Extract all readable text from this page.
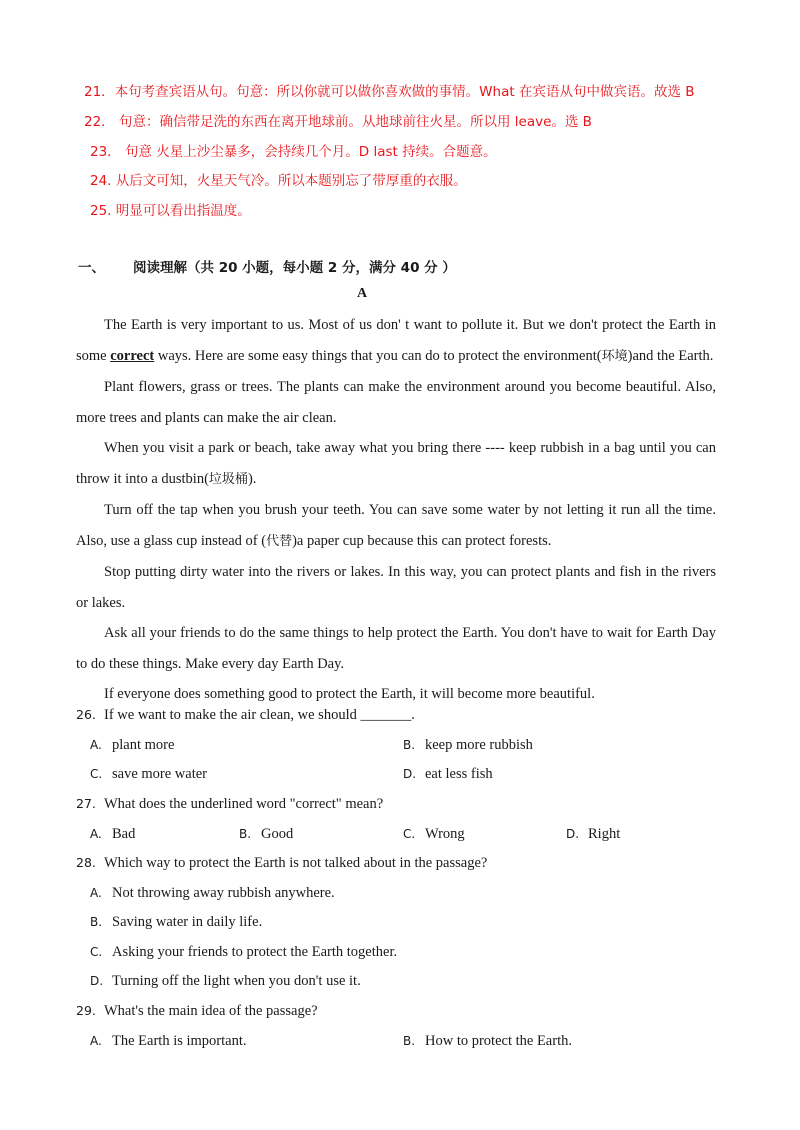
21．本句考查宾语从句。句意：所以你就可以做你喜欢做的事情。What 在宾语从句中做宾语。故选 B
22． 句意：确信带足洗的东西在离开地球前。从地球前往火星。所以用 leave。选 B
23． 句意 火星上沙尘暴多，会持续几个月。D last 持续。合题意。
24. 从后文可知，火星天气冷。所以本题别忘了带厚重的衣服。
25. 明显可以看出指温度。
一、 阅读理解（共 20 小题，每小题 2 分，满分 40 分 ）
A

The Earth is very important to us. Most of us don' t want to pollute it. But we don't protect the Earth in some correct ways. Here are some easy things that you can do to protect the environment(环境)and the Earth.

Plant flowers, grass or trees. The plants can make the environment around you become beautiful. Also, more trees and plants can make the air clean.

When you visit a park or beach, take away what you bring there ---- keep rubbish in a bag until you can throw it into a dustbin(垃圾桶).

Turn off the tap when you brush your teeth. You can save some water by not letting it run all the time. Also, use a glass cup instead of (代替)a paper cup because this can protect forests.

Stop putting dirty water into the rivers or lakes. In this way, you can protect plants and fish in the rivers or lakes.

Ask all your friends to do the same things to help protect the Earth. You don't have to wait for Earth Day to do these things. Make every day Earth Day.

If everyone does something good to protect the Earth, it will become more beautiful.

26. If we want to make the air clean, we should _______.
A. plant more	B. keep more rubbish
C. save more water	D. eat less fish
27. What does the underlined word "correct" mean?
A. Bad	B. Good	C. Wrong	D. Right
28. Which way to protect the Earth is not talked about in the passage?
A. Not throwing away rubbish anywhere.
B. Saving water in daily life.
C. Asking your friends to protect the Earth together.
D. Turning off the light when you don't use it.
29. What's the main idea of the passage?
A. The Earth is important.	B. How to protect the Earth.
